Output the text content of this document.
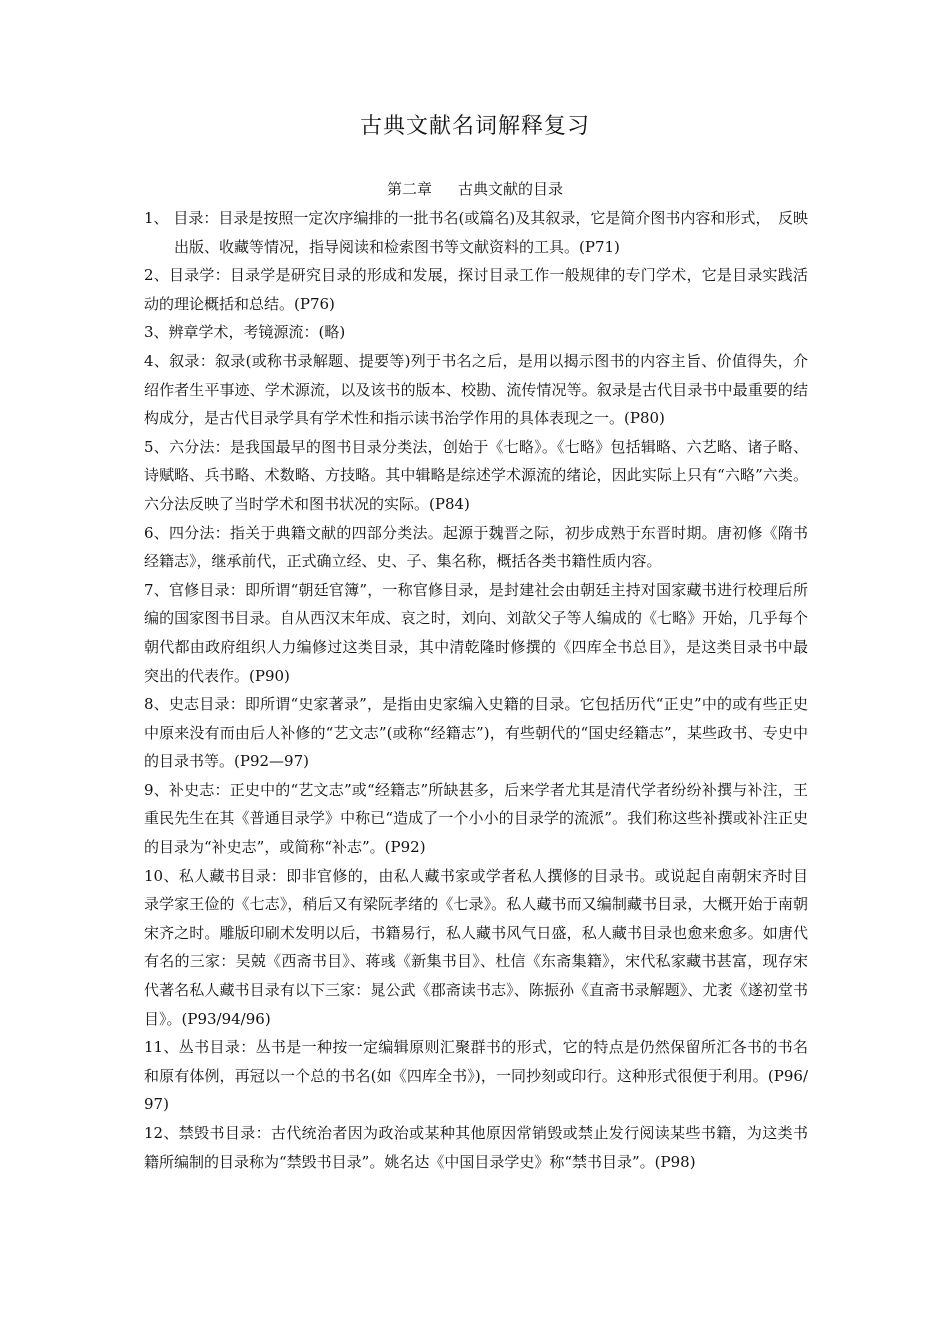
古典文献名词解释复习
第二章 古典文献的目录

1、 目录：目录是按照一定次序编排的一批书名(或篇名)及其叙录，它是简介图书内容和形式，　反映出版、收藏等情况，指导阅读和检索图书等文献资料的工具。(P71)

2、目录学：目录学是研究目录的形成和发展，探讨目录工作一般规律的专门学术，它是目录实践活动的理论概括和总结。(P76)

3、辨章学术，考镜源流：(略)

4、叙录：叙录(或称书录解题、提要等)列于书名之后，是用以揭示图书的内容主旨、价值得失，介绍作者生平事迹、学术源流，以及该书的版本、校勘、流传情况等。叙录是古代目录书中最重要的结构成分，是古代目录学具有学术性和指示读书治学作用的具体表现之一。(P80)

5、六分法：是我国最早的图书目录分类法，创始于《七略》。《七略》包括辑略、六艺略、诸子略、诗赋略、兵书略、术数略、方技略。其中辑略是综述学术源流的绪论，因此实际上只有“六略”六类。六分法反映了当时学术和图书状况的实际。(P84)

6、四分法：指关于典籍文献的四部分类法。起源于魏晋之际，初步成熟于东晋时期。唐初修《隋书经籍志》，继承前代，正式确立经、史、子、集名称，概括各类书籍性质内容。

7、官修目录：即所谓“朝廷官簿”，一称官修目录，是封建社会由朝廷主持对国家藏书进行校理后所编的国家图书目录。自从西汉末年成、哀之时，刘向、刘歆父子等人编成的《七略》开始，几乎每个朝代都由政府组织人力编修过这类目录，其中清乾隆时修撰的《四库全书总目》，是这类目录书中最突出的代表作。(P90)

8、史志目录：即所谓“史家著录”，是指由史家编入史籍的目录。它包括历代“正史”中的或有些正史中原来没有而由后人补修的“艺文志”(或称“经籍志”)，有些朝代的“国史经籍志”，某些政书、专史中的目录书等。(P92—97)

9、补史志：正史中的“艺文志”或“经籍志”所缺甚多，后来学者尤其是清代学者纷纷补撰与补注，王重民先生在其《普通目录学》中称已“造成了一个小小的目录学的流派”。我们称这些补撰或补注正史的目录为“补史志”，或简称“补志”。(P92)

10、私人藏书目录：即非官修的，由私人藏书家或学者私人撰修的目录书。或说起自南朝宋齐时目录学家王俭的《七志》，稍后又有梁阮孝绪的《七录》。私人藏书而又编制藏书目录，大概开始于南朝宋齐之时。雕版印刷术发明以后，书籍易行，私人藏书风气日盛，私人藏书目录也愈来愈多。如唐代有名的三家：吴兢《西斋书目》、蒋彧《新集书目》、杜信《东斋集籍》，宋代私家藏书甚富，现存宋代著名私人藏书目录有以下三家：晁公武《郡斋读书志》、陈振孙《直斋书录解题》、尤袤《遂初堂书目》。(P93/94/96)

11、丛书目录：丛书是一种按一定编辑原则汇聚群书的形式，它的特点是仍然保留所汇各书的书名和原有体例，再冠以一个总的书名(如《四库全书》)，一同抄刻或印行。这种形式很便于利用。(P96/97)

12、禁毁书目录：古代统治者因为政治或某种其他原因常销毁或禁止发行阅读某些书籍，为这类书籍所编制的目录称为“禁毁书目录”。姚名达《中国目录学史》称“禁书目录”。(P98)
